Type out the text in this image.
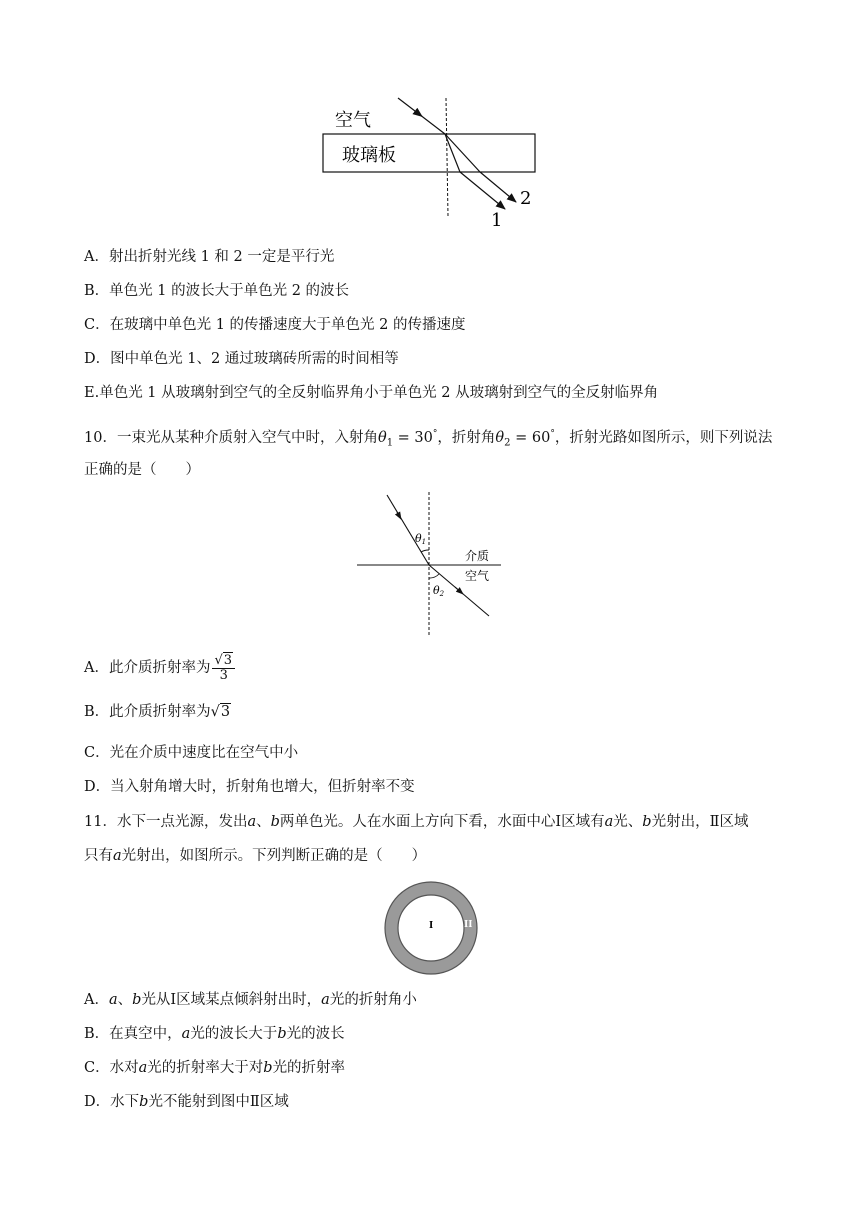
空气
玻璃板
1
2
A．射出折射光线 1 和 2 一定是平行光
B．单色光 1 的波长大于单色光 2 的波长
C．在玻璃中单色光 1 的传播速度大于单色光 2 的传播速度
D．图中单色光 1、2 通过玻璃砖所需的时间相等
E.单色光 1 从玻璃射到空气的全反射临界角小于单色光 2 从玻璃射到空气的全反射临界角
10．一束光从某种介质射入空气中时，入射角$\theta_1 = 30^\circ$，折射角$\theta_2 = 60^\circ$，折射光路如图所示，则下列说法
正确的是（　　）
θ1
θ2
介质
空气
A．此介质折射率为 $\frac{√3}{3}$
B．此介质折射率为√3
C．光在介质中速度比在空气中小
D．当入射角增大时，折射角也增大，但折射率不变
11．水下一点光源，发出a、b两单色光。人在水面上方向下看，水面中心Ⅰ区域有a光、b光射出，Ⅱ区域
只有a光射出，如图所示。下列判断正确的是（　　）
I	II
A．a、b光从Ⅰ区域某点倾斜射出时，a光的折射角小
B．在真空中，a光的波长大于b光的波长
C．水对a光的折射率大于对b光的折射率
D．水下b光不能射到图中Ⅱ区域
